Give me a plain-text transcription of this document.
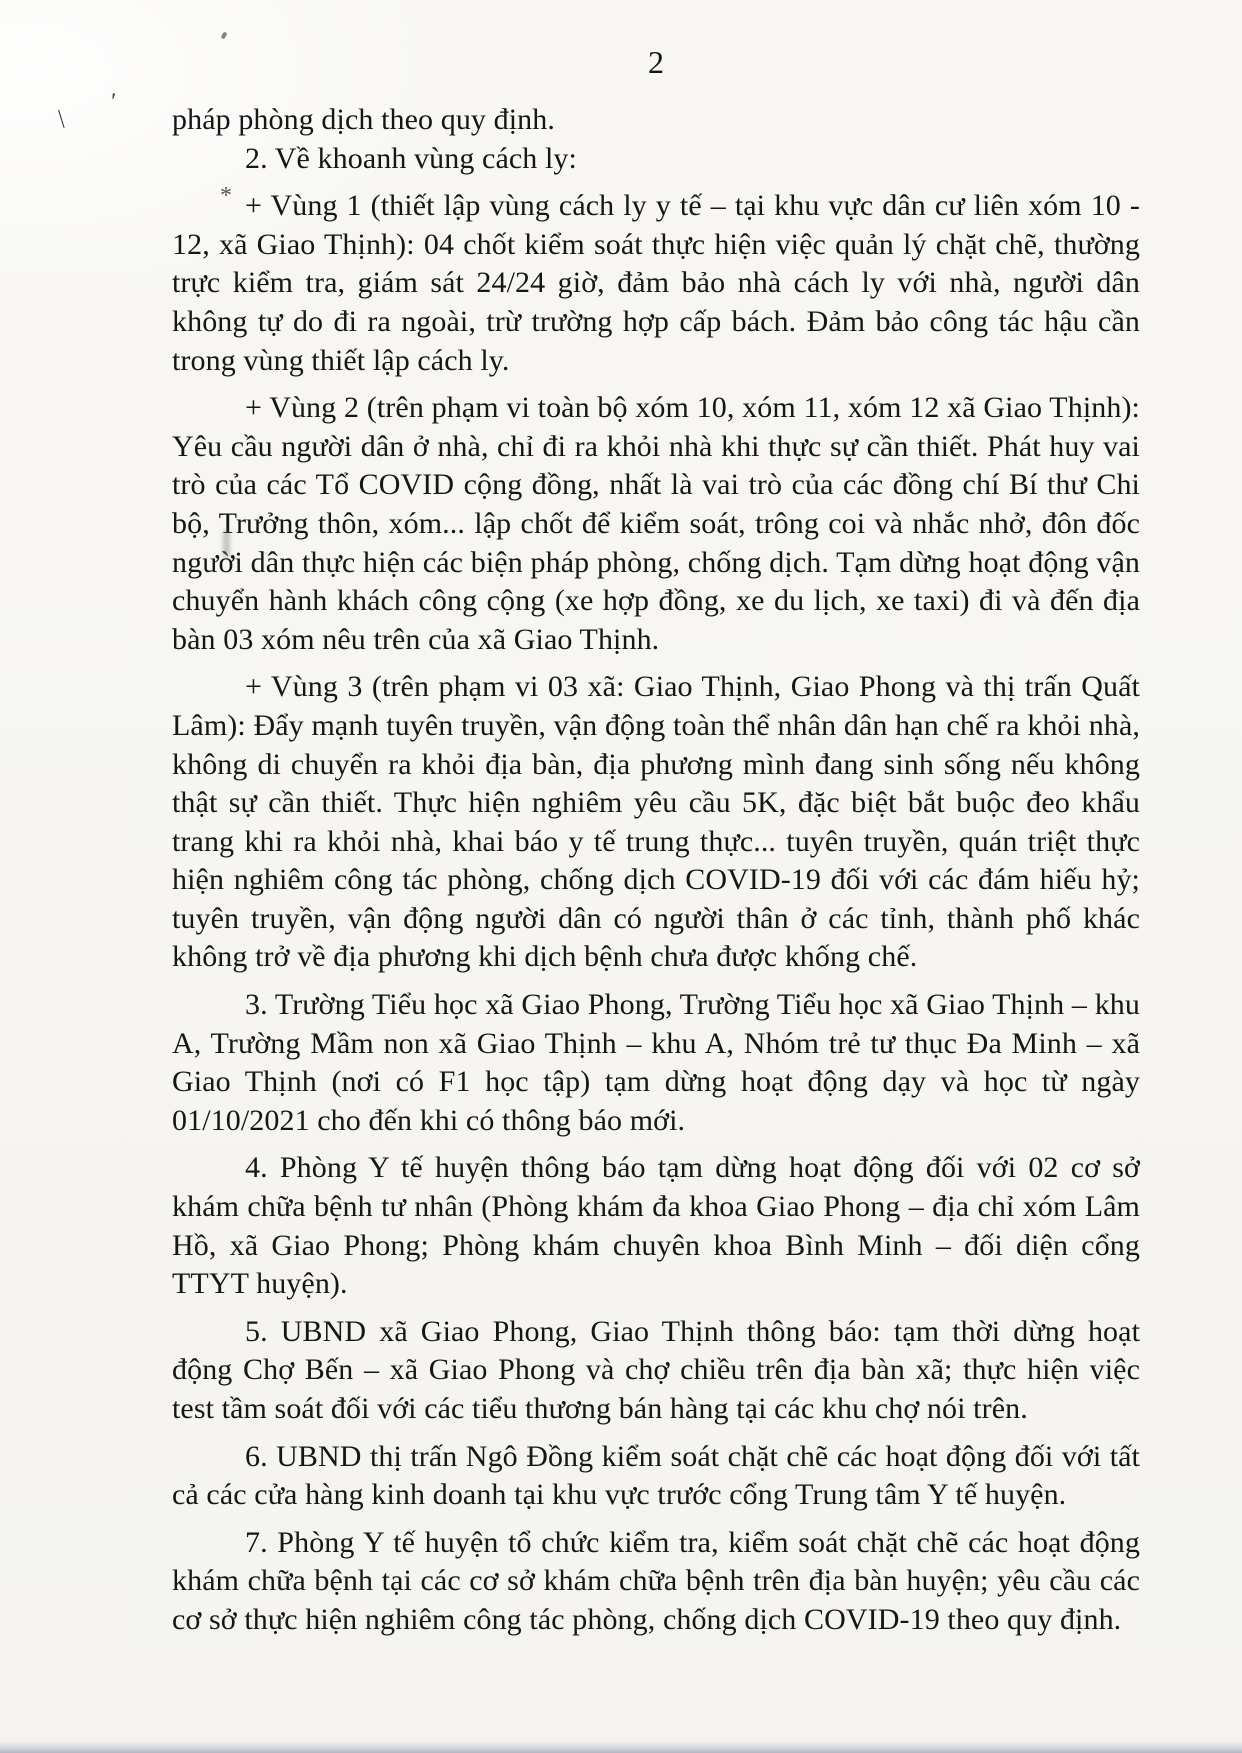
2

pháp phòng dịch theo quy định.

2. Về khoanh vùng cách ly:

+ Vùng 1 (thiết lập vùng cách ly y tế – tại khu vực dân cư liên xóm 10 - 12, xã Giao Thịnh): 04 chốt kiểm soát thực hiện việc quản lý chặt chẽ, thường trực kiểm tra, giám sát 24/24 giờ, đảm bảo nhà cách ly với nhà, người dân không tự do đi ra ngoài, trừ trường hợp cấp bách. Đảm bảo công tác hậu cần trong vùng thiết lập cách ly.

+ Vùng 2 (trên phạm vi toàn bộ xóm 10, xóm 11, xóm 12 xã Giao Thịnh): Yêu cầu người dân ở nhà, chỉ đi ra khỏi nhà khi thực sự cần thiết. Phát huy vai trò của các Tổ COVID cộng đồng, nhất là vai trò của các đồng chí Bí thư Chi bộ, Trưởng thôn, xóm... lập chốt để kiểm soát, trông coi và nhắc nhở, đôn đốc người dân thực hiện các biện pháp phòng, chống dịch. Tạm dừng hoạt động vận chuyển hành khách công cộng (xe hợp đồng, xe du lịch, xe taxi) đi và đến địa bàn 03 xóm nêu trên của xã Giao Thịnh.

+ Vùng 3 (trên phạm vi 03 xã: Giao Thịnh, Giao Phong và thị trấn Quất Lâm): Đẩy mạnh tuyên truyền, vận động toàn thể nhân dân hạn chế ra khỏi nhà, không di chuyển ra khỏi địa bàn, địa phương mình đang sinh sống nếu không thật sự cần thiết. Thực hiện nghiêm yêu cầu 5K, đặc biệt bắt buộc đeo khẩu trang khi ra khỏi nhà, khai báo y tế trung thực... tuyên truyền, quán triệt thực hiện nghiêm công tác phòng, chống dịch COVID-19 đối với các đám hiếu hỷ; tuyên truyền, vận động người dân có người thân ở các tỉnh, thành phố khác không trở về địa phương khi dịch bệnh chưa được khống chế.

3. Trường Tiểu học xã Giao Phong, Trường Tiểu học xã Giao Thịnh – khu A, Trường Mầm non xã Giao Thịnh – khu A, Nhóm trẻ tư thục Đa Minh – xã Giao Thịnh (nơi có F1 học tập) tạm dừng hoạt động dạy và học từ ngày 01/10/2021 cho đến khi có thông báo mới.

4. Phòng Y tế huyện thông báo tạm dừng hoạt động đối với 02 cơ sở khám chữa bệnh tư nhân (Phòng khám đa khoa Giao Phong – địa chỉ xóm Lâm Hồ, xã Giao Phong; Phòng khám chuyên khoa Bình Minh – đối diện cổng TTYT huyện).

5. UBND xã Giao Phong, Giao Thịnh thông báo: tạm thời dừng hoạt động Chợ Bến – xã Giao Phong và chợ chiều trên địa bàn xã; thực hiện việc test tầm soát đối với các tiểu thương bán hàng tại các khu chợ nói trên.

6. UBND thị trấn Ngô Đồng kiểm soát chặt chẽ các hoạt động đối với tất cả các cửa hàng kinh doanh tại khu vực trước cổng Trung tâm Y tế huyện.

7. Phòng Y tế huyện tổ chức kiểm tra, kiểm soát chặt chẽ các hoạt động khám chữa bệnh tại các cơ sở khám chữa bệnh trên địa bàn huyện; yêu cầu các cơ sở thực hiện nghiêm công tác phòng, chống dịch COVID-19 theo quy định.

'
\
*
